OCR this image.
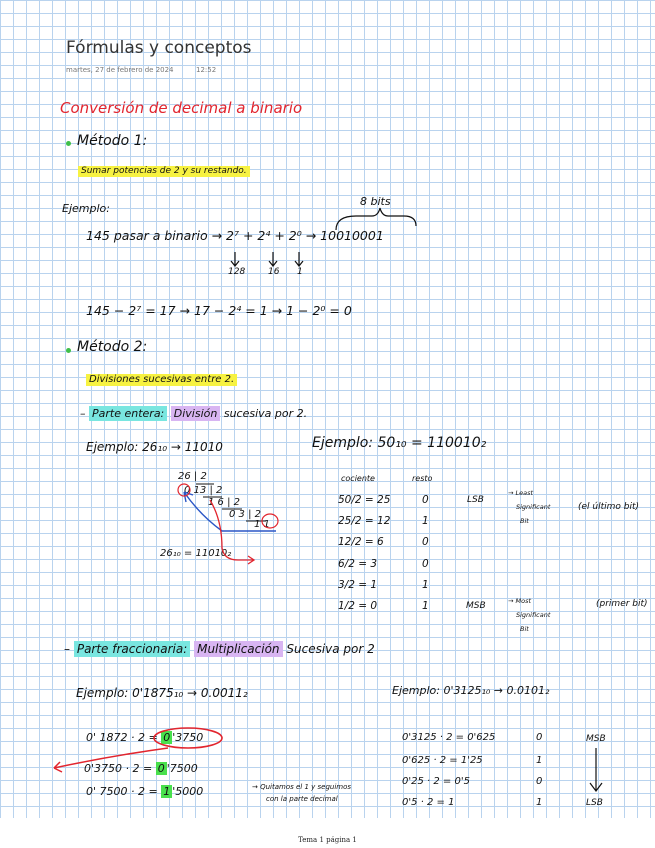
Fórmulas y conceptos
martes, 27 de febrero de 2024	12:52
Conversión de decimal a binario
Método 1:
Sumar potencias de 2 y su restando.
Ejemplo:
8 bits
145 pasar a binario → 2⁷ + 2⁴ + 2⁰ → 10010001
128	16 1
145 − 2⁷ = 17 → 17 − 2⁴ = 1 → 1 − 2⁰ = 0
Método 2:
Divisiones sucesivas entre 2.
– Parte entera: División sucesiva por 2.
Ejemplo: 26₁₀ → 11010	Ejemplo: 50₁₀ = 110010₂
26 | 2
0 13 | 2
1 6 | 2
0 3 | 2
1 1
26₁₀ = 11010₂
cociente	resto
50/2 = 25	0
25/2 = 12	1
12/2 = 6	0
6/2 = 3	0
3/2 = 1	1
1/2 = 0	1
LSB
→ Least
Significant
Bit
(el último bit)
MSB	→ Most
Significant
Bit
(primer bit)
– Parte fraccionaria: Multiplicación Sucesiva por 2
Ejemplo: 0'1875₁₀ → 0.0011₂	Ejemplo: 0'3125₁₀ → 0.0101₂
0' 1872 · 2 = 0 '3750
0'3750 · 2 = 0 '7500
0' 7500 · 2 = 1 '5000	→ Quitamos el 1 y seguimos
con la parte decimal
0'3125 · 2 = 0'625	0
0'625 · 2 = 1'25	1
0'25 · 2 = 0'5	0
0'5 · 2 = 1	1
MSB
LSB
Tema 1 página 1
